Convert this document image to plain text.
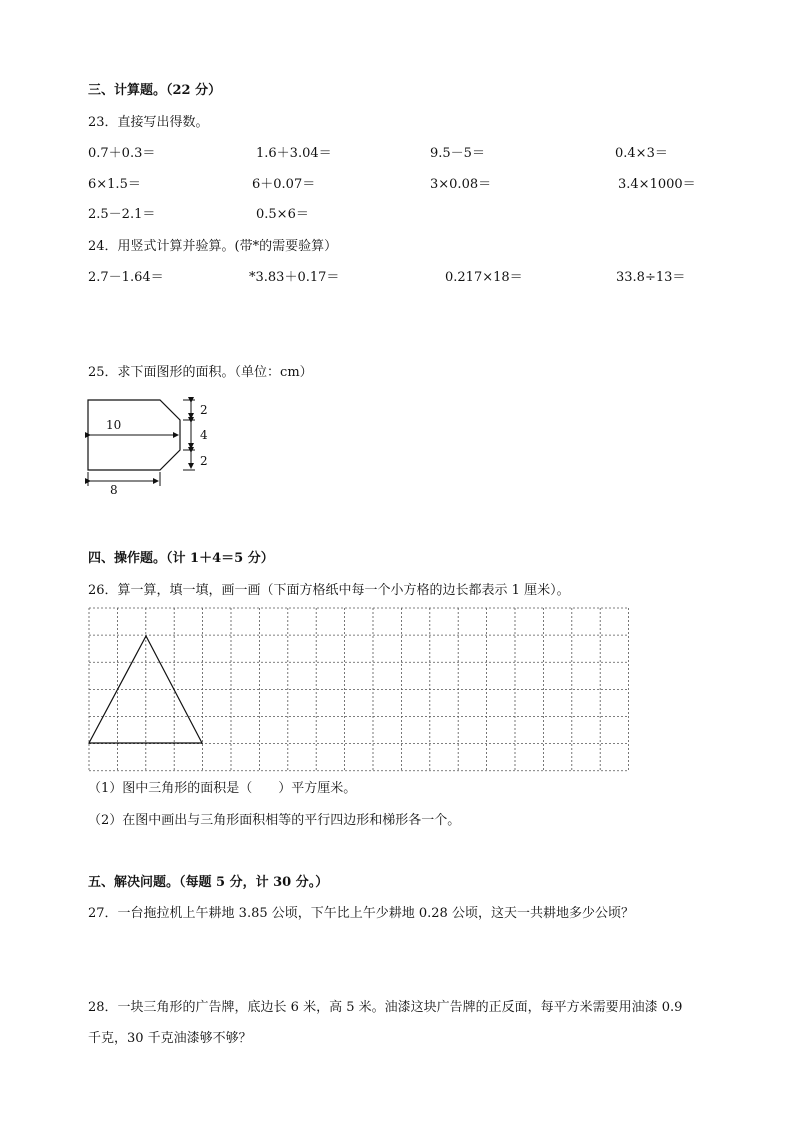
三、计算题。（22 分）
23．直接写出得数。
0.7＋0.3＝	1.6＋3.04＝	9.5－5＝	0.4×3＝
6×1.5＝	6＋0.07＝	3×0.08＝	3.4×1000＝
2.5－2.1＝	0.5×6＝
24．用竖式计算并验算。(带*的需要验算）
2.7－1.64＝	*3.83＋0.17＝	0.217×18＝	33.8÷13＝
25．求下面图形的面积。（单位：cm）
10
2
4
2
8
四、操作题。（计 1＋4＝5 分）
26．算一算，填一填，画一画（下面方格纸中每一个小方格的边长都表示 1 厘米）。
（1）图中三角形的面积是（　　）平方厘米。
（2）在图中画出与三角形面积相等的平行四边形和梯形各一个。
五、解决问题。（每题 5 分，计 30 分。）
27．一台拖拉机上午耕地 3.85 公顷，下午比上午少耕地 0.28 公顷，这天一共耕地多少公顷？
28．一块三角形的广告牌，底边长 6 米，高 5 米。油漆这块广告牌的正反面，每平方米需要用油漆 0.9
千克，30 千克油漆够不够？
